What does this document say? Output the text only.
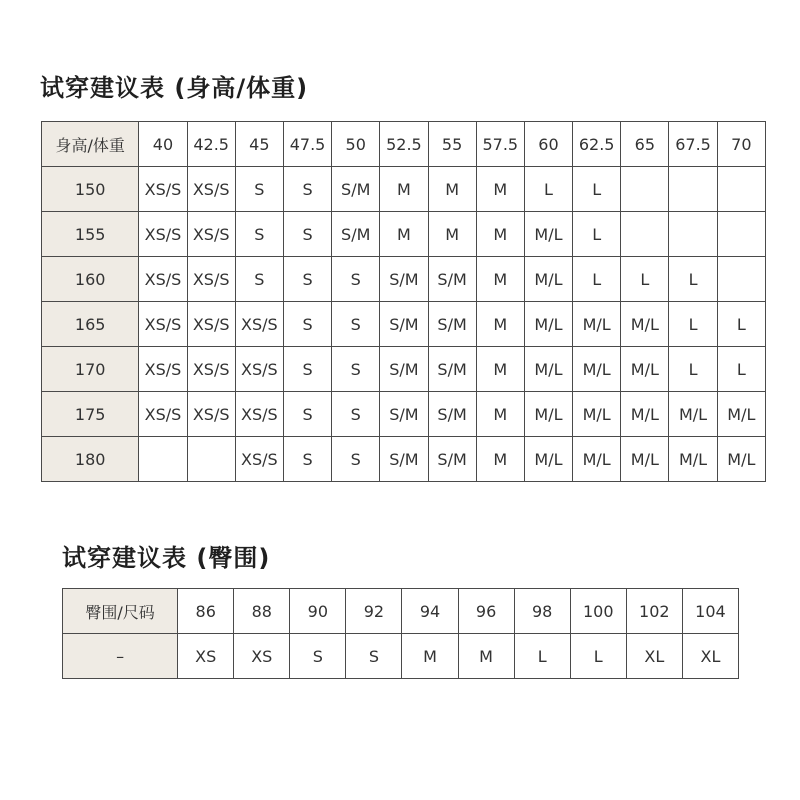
试穿建议表 (身高/体重)
身高/体重	40	42.5	45	47.5	50	52.5	55	57.5	60	62.5	65	67.5	70
150	XS/S	XS/S	S	S	S/M	M	M	M	L	L			
155	XS/S	XS/S	S	S	S/M	M	M	M	M/L	L			
160	XS/S	XS/S	S	S	S	S/M	S/M	M	M/L	L	L	L	
165	XS/S	XS/S	XS/S	S	S	S/M	S/M	M	M/L	M/L	M/L	L	L
170	XS/S	XS/S	XS/S	S	S	S/M	S/M	M	M/L	M/L	M/L	L	L
175	XS/S	XS/S	XS/S	S	S	S/M	S/M	M	M/L	M/L	M/L	M/L	M/L
180			XS/S	S	S	S/M	S/M	M	M/L	M/L	M/L	M/L	M/L
试穿建议表 (臀围)
臀围/尺码	86	88	90	92	94	96	98	100	102	104
–	XS	XS	S	S	M	M	L	L	XL	XL
